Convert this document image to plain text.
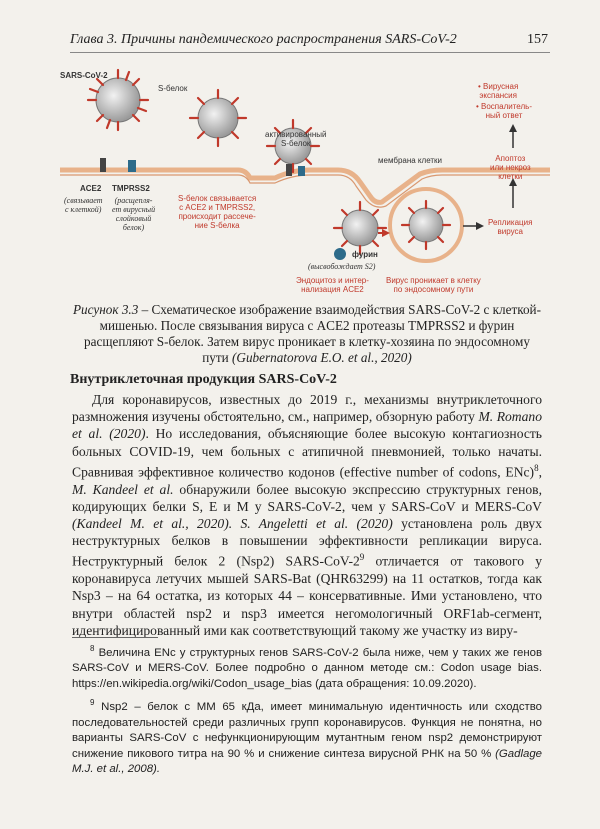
Глава 3. Причины пандемического распространения SARS-CoV-2	157
SARS-CoV-2
S-белок
активированный
S-белок
ACE2 TMPRSS2
(связывает
с клеткой)
(расщепля-
ет вирусный
слойковый
белок)
S-белок связывается
с ACE2 и TMPRSS2,
происходит рассече-
ние S-белка
мембрана клетки
фурин
(высвобождает S2)
Эндоцитоз и интер-
нализация ACE2
Вирус проникает в клетку
по эндосомному пути
• Вирусная
экспансия
• Воспалитель-
ный ответ
Апоптоз
или некроз
клетки
Репликация
вируса
Рисунок 3.3 – Схематическое изображение взаимодействия SARS-CoV-2 с клеткой-мишенью. После связывания вируса с ACE2 протеазы TMPRSS2 и фурин расщепляют S-белок. Затем вирус проникает в клетку-хозяина по эндосомному пути (Gubernatorova E.O. et al., 2020)
Внутриклеточная продукция SARS-CoV-2

Для коронавирусов, известных до 2019 г., механизмы внутриклеточного размножения изучены обстоятельно, см., например, обзорную работу M. Romano et al. (2020). Но исследования, объясняющие более высокую контагиозность больных COVID-19, чем больных с атипичной пневмонией, только начаты. Сравнивая эффективное количество кодонов (effective number of codons, ENc)$^8$, M. Kandeel et al. обнаружили более высокую экспрессию структурных генов, кодирующих белки S, E и M у SARS-CoV-2, чем у SARS-CoV и MERS-CoV (Kandeel M. et al., 2020). S. Angeletti et al. (2020) установлена роль двух неструктурных белков в повышении эффективности репликации вируса. Неструктурный белок 2 (Nsp2) SARS-$CoV-2^9$ отличается от такового у коронавируса летучих мышей SARS-Bat (QHR63299) на 11 остатков, тогда как Nsp3 – на 64 остатка, из которых 44 – консервативные. Ими установлено, что внутри областей nsp2 и nsp3 имеется негомологичный ORF1ab-сегмент, идентифицированный ими как соответствующий такому же участку из виру-

$^8$ Величина ENc у структурных генов SARS-CoV-2 была ниже, чем у таких же генов SARS-CoV и MERS-CoV. Более подробно о данном методе см.: Codon usage bias. https://en.wikipedia.org/wiki/Codon_usage_bias (дата обращения: 10.09.2020).

$^9$ Nsp2 – белок с ММ 65 кДа, имеет минимальную идентичность или сходство последовательностей среди различных групп коронавирусов. Функция не понятна, но варианты SARS-CoV с нефункционирующим мутантным геном nsp2 демонстрируют снижение пикового титра на 90 % и снижение синтеза вирусной РНК на 50 % (Gadlage M.J. et al., 2008).
